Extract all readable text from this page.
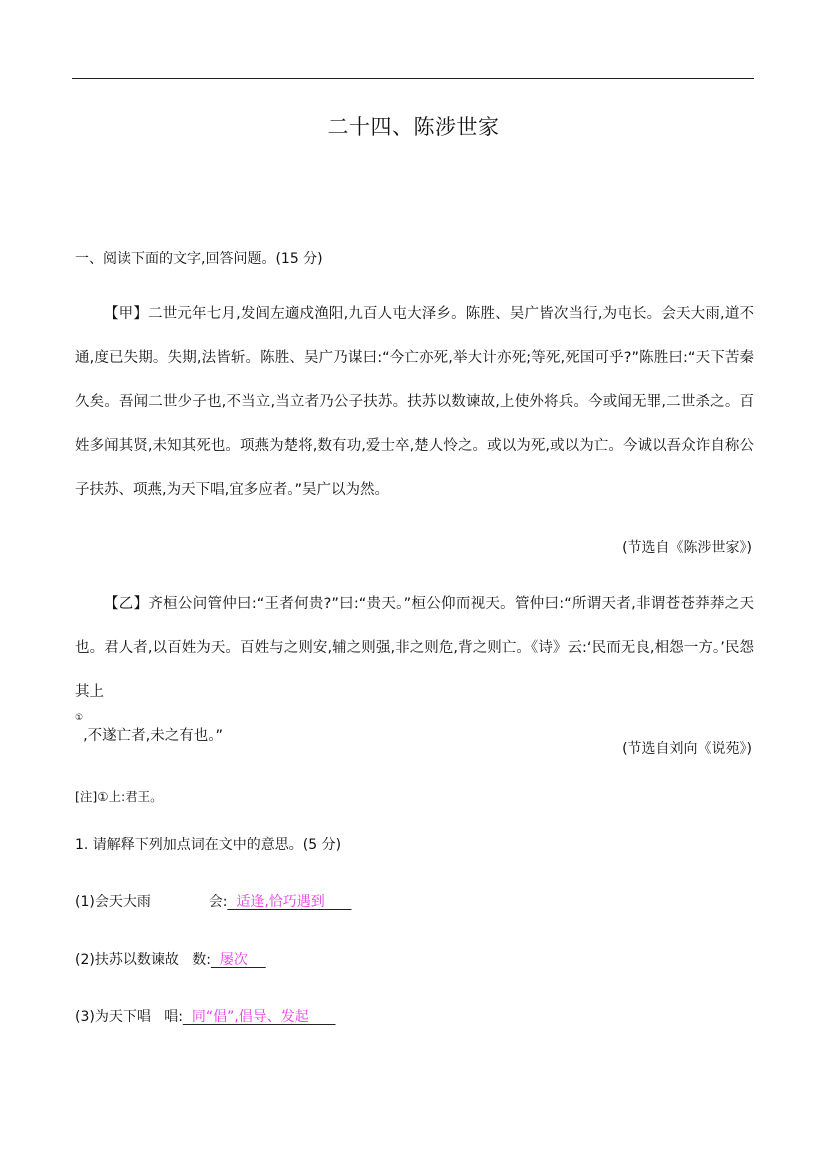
二十四、陈涉世家
一、阅读下面的文字,回答问题。(15 分)
【甲】二世元年七月,发闾左適戍渔阳,九百人屯大泽乡。陈胜、吴广皆次当行,为屯长。会天大雨,道不通,度已失期。失期,法皆斩。陈胜、吴广乃谋曰:“今亡亦死,举大计亦死;等死,死国可乎?”陈胜曰:“天下苦秦久矣。吾闻二世少子也,不当立,当立者乃公子扶苏。扶苏以数谏故,上使外将兵。今或闻无罪,二世杀之。百姓多闻其贤,未知其死也。项燕为楚将,数有功,爱士卒,楚人怜之。或以为死,或以为亡。今诚以吾众诈自称公子扶苏、项燕,为天下唱,宜多应者。”吴广以为然。
(节选自《陈涉世家》)
【乙】齐桓公问管仲曰:“王者何贵?”曰:“贵天。”桓公仰而视天。管仲曰:“所谓天者,非谓苍苍莽莽之天也。君人者,以百姓为天。百姓与之则安,辅之则强,非之则危,背之则亡。《诗》云:‘民而无良,相怨一方。’民怨其上
①,不遂亡者,未之有也。”
(节选自刘向《说苑》)
[注]①上:君王。
1. 请解释下列加点词在文中的意思。(5 分)
(1)会天大雨	会: 适逢,恰巧遇到
(2)扶苏以数谏故 数: 屡次
(3)为天下唱 唱: 同“倡”,倡导、发起
